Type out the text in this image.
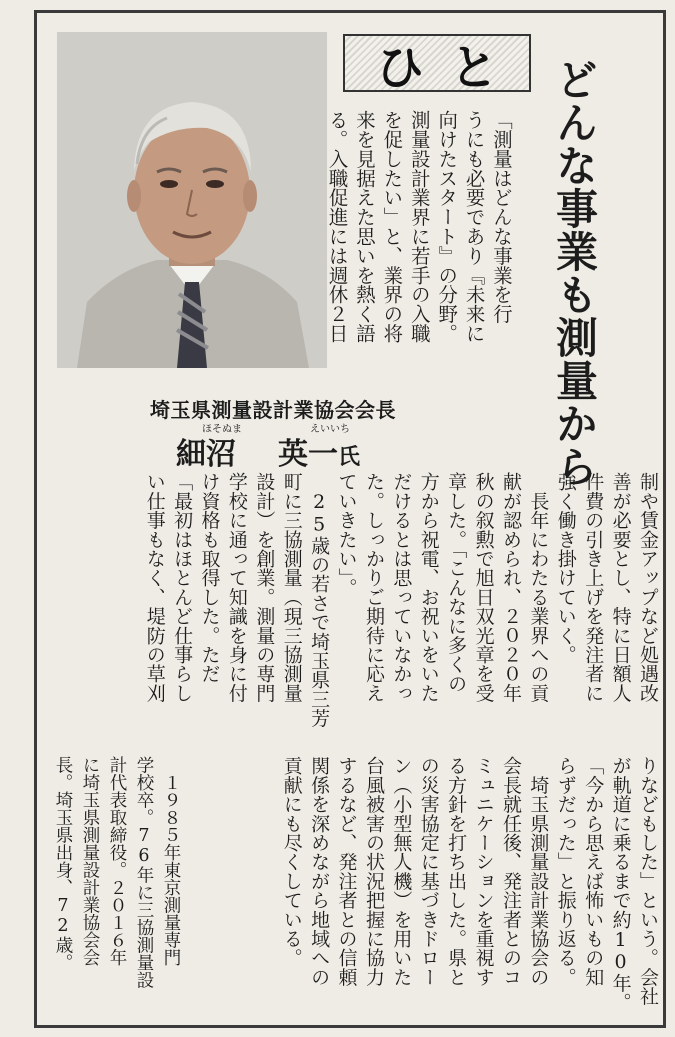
ひと どんな事業も測量から
「測量はどんな事業を行
うにも必要であり『未来に
向けたスタート』の分野。
測量設計業界に若手の入職
を促したい」と、業界の将
来を見据えた思いを熱く語
る。入職促進には週休２日
埼玉県測量設計業協会会長
ほそぬま	えいいち
細沼 英一氏
制や賃金アップなど処遇改
善が必要とし、特に日額人
件費の引き上げを発注者に
強く働き掛けていく。
　長年にわたる業界への貢
献が認められ、２０２０年
秋の叙勲で旭日双光章を受
章した。「こんなに多くの
方から祝電、お祝いをいた
だけるとは思っていなかっ
た。しっかりご期待に応え
ていきたい」。
　25歳の若さで埼玉県三芳
町に三協測量（現三協測量
設計）を創業。測量の専門
学校に通って知識を身に付
け資格も取得した。ただ
「最初はほとんど仕事らし
い仕事もなく、堤防の草刈
りなどもした」という。会社
が軌道に乗るまで約10年。
「今から思えば怖いもの知
らずだった」と振り返る。
　埼玉県測量設計業協会の
会長就任後、発注者とのコ
ミュニケーションを重視す
る方針を打ち出した。県と
の災害協定に基づきドロー
ン（小型無人機）を用いた
台風被害の状況把握に協力
するなど、発注者との信頼
関係を深めながら地域への
貢献にも尽くしている。
　１９８５年東京測量専門
学校卒。76年に三協測量設
計代表取締役。２０１６年
に埼玉県測量設計業協会会
長。埼玉県出身、72歳。
